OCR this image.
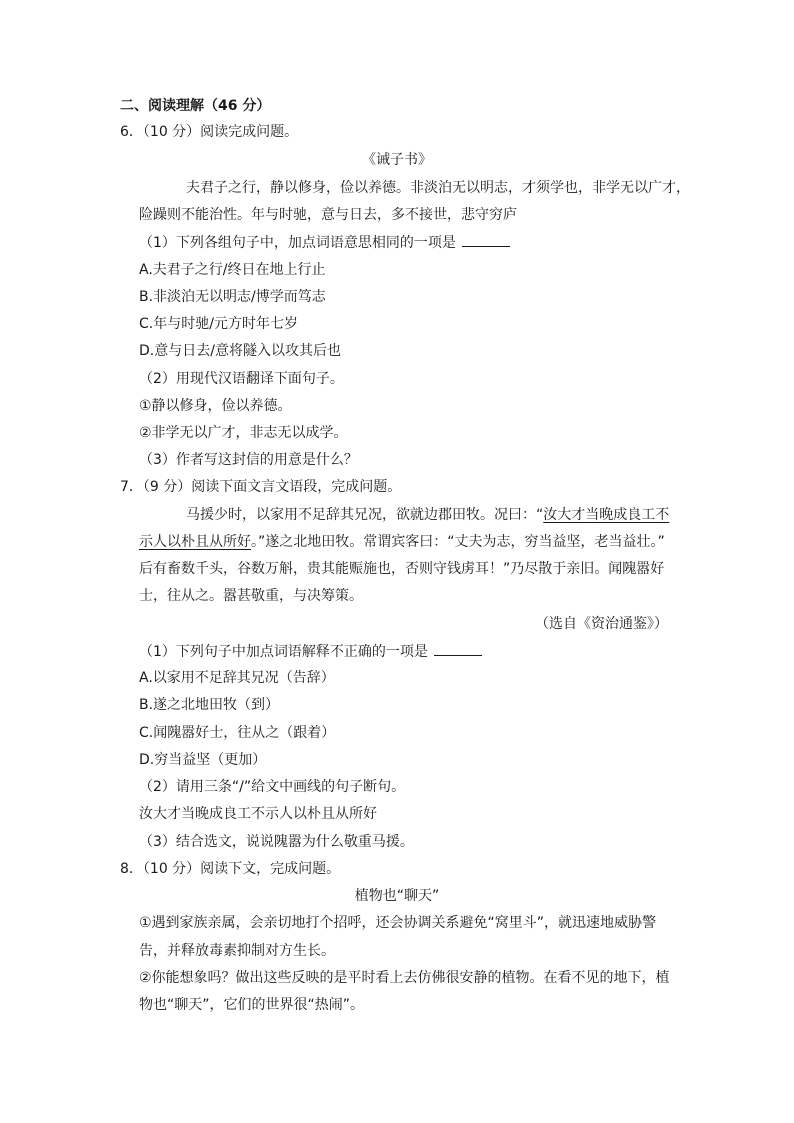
二、阅读理解（46 分）
6．（10 分）阅读完成问题。
《诫子书》
夫君子之行，静以修身，俭以养德。非淡泊无以明志，才须学也，非学无以广才，
险躁则不能治性。年与时驰，意与日去，多不接世，悲守穷庐
（1）下列各组句子中，加点词语意思相同的一项是
A.夫君子之行/终日在地上行止
B.非淡泊无以明志/博学而笃志
C.年与时驰/元方时年七岁
D.意与日去/意将隧入以攻其后也
（2）用现代汉语翻译下面句子。
①静以修身，俭以养德。
②非学无以广才，非志无以成学。
（3）作者写这封信的用意是什么？
7．（9 分）阅读下面文言文语段，完成问题。
马援少时，以家用不足辞其兄况，欲就边郡田牧。况曰：“汝大才当晚成良工不
示人以朴且从所好。”遂之北地田牧。常谓宾客曰：“丈夫为志，穷当益坚，老当益壮。”
后有畜数千头，谷数万斛，贵其能赈施也，否则守钱虏耳！”乃尽散于亲旧。闻隗嚣好
士，往从之。嚣甚敬重，与决筹策。
（选自《资治通鉴》）
（1）下列句子中加点词语解释不正确的一项是
A.以家用不足辞其兄况（告辞）
B.遂之北地田牧（到）
C.闻隗嚣好士，往从之（跟着）
D.穷当益坚（更加）
（2）请用三条“/”给文中画线的句子断句。
汝大才当晚成良工不示人以朴且从所好
（3）结合选文，说说隗嚣为什么敬重马援。
8．（10 分）阅读下文，完成问题。
植物也“聊天”
①遇到家族亲属，会亲切地打个招呼，还会协调关系避免“窝里斗”，就迅速地威胁警
告，并释放毒素抑制对方生长。
②你能想象吗？做出这些反映的是平时看上去仿佛很安静的植物。在看不见的地下，植
物也“聊天”，它们的世界很“热闹”。
